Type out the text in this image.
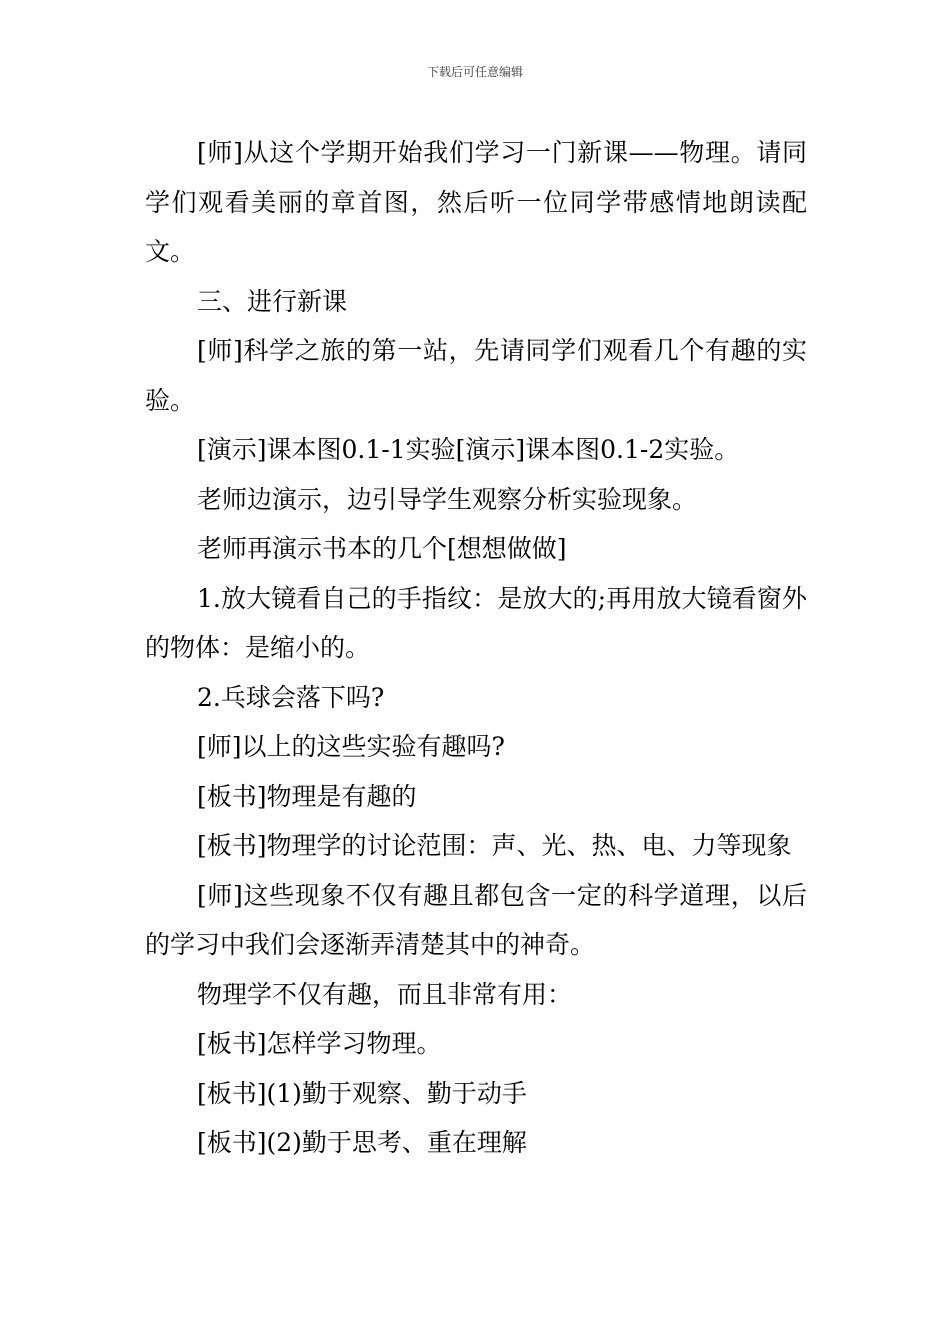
下载后可任意编辑

[师]从这个学期开始我们学习一门新课——物理。请同学们观看美丽的章首图，然后听一位同学带感情地朗读配文。

三、进行新课

[师]科学之旅的第一站，先请同学们观看几个有趣的实验。

[演示]课本图0.1-1实验[演示]课本图0.1-2实验。

老师边演示，边引导学生观察分析实验现象。

老师再演示书本的几个[想想做做]

1.放大镜看自己的手指纹：是放大的;再用放大镜看窗外的物体：是缩小的。

2.乓球会落下吗?

[师]以上的这些实验有趣吗?

[板书]物理是有趣的

[板书]物理学的讨论范围：声、光、热、电、力等现象

[师]这些现象不仅有趣且都包含一定的科学道理，以后的学习中我们会逐渐弄清楚其中的神奇。

物理学不仅有趣，而且非常有用：

[板书]怎样学习物理。

[板书](1)勤于观察、勤于动手

[板书](2)勤于思考、重在理解
